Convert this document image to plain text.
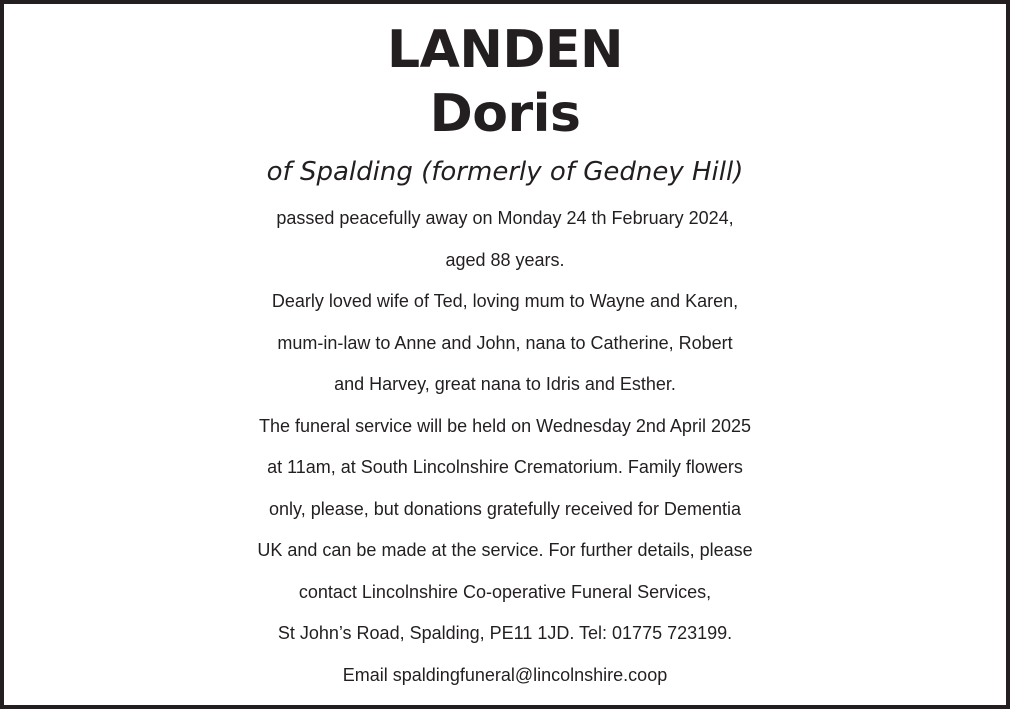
LANDEN
Doris
of Spalding (formerly of Gedney Hill)
passed peacefully away on Monday 24 th February 2024,
aged 88 years.
Dearly loved wife of Ted, loving mum to Wayne and Karen,
mum-in-law to Anne and John, nana to Catherine, Robert
and Harvey, great nana to Idris and Esther.
The funeral service will be held on Wednesday 2nd April 2025
at 11am, at South Lincolnshire Crematorium. Family flowers
only, please, but donations gratefully received for Dementia
UK and can be made at the service. For further details, please
contact Lincolnshire Co-operative Funeral Services,
St John’s Road, Spalding, PE11 1JD. Tel: 01775 723199.
Email spaldingfuneral@lincolnshire.coop
